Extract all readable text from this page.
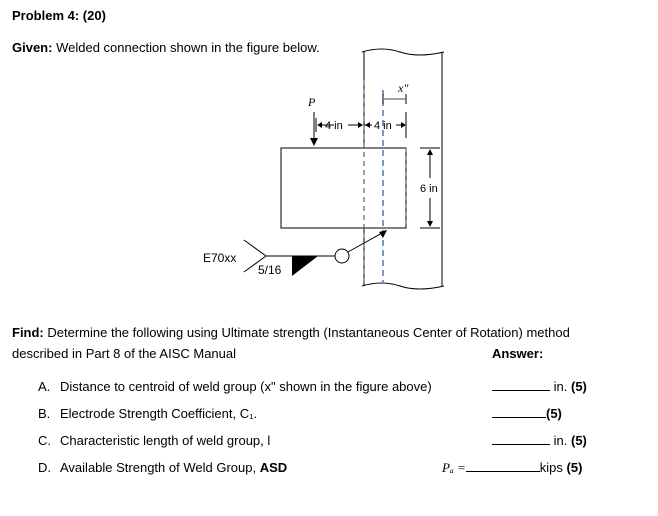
Problem 4: (20)
Given: Welded connection shown in the figure below.
P
4 in	4 in
x"
6 in
E70xx
5/16
Find: Determine the following using Ultimate strength (Instantaneous Center of Rotation) method
described in Part 8 of the AISC Manual	Answer:
A. Distance to centroid of weld group (x" shown in the figure above)	in. (5)
B. Electrode Strength Coefficient, C₁.	(5)
C. Characteristic length of weld group, l	in. (5)
D. Available Strength of Weld Group, ASD	Pₐ =	kips (5)
